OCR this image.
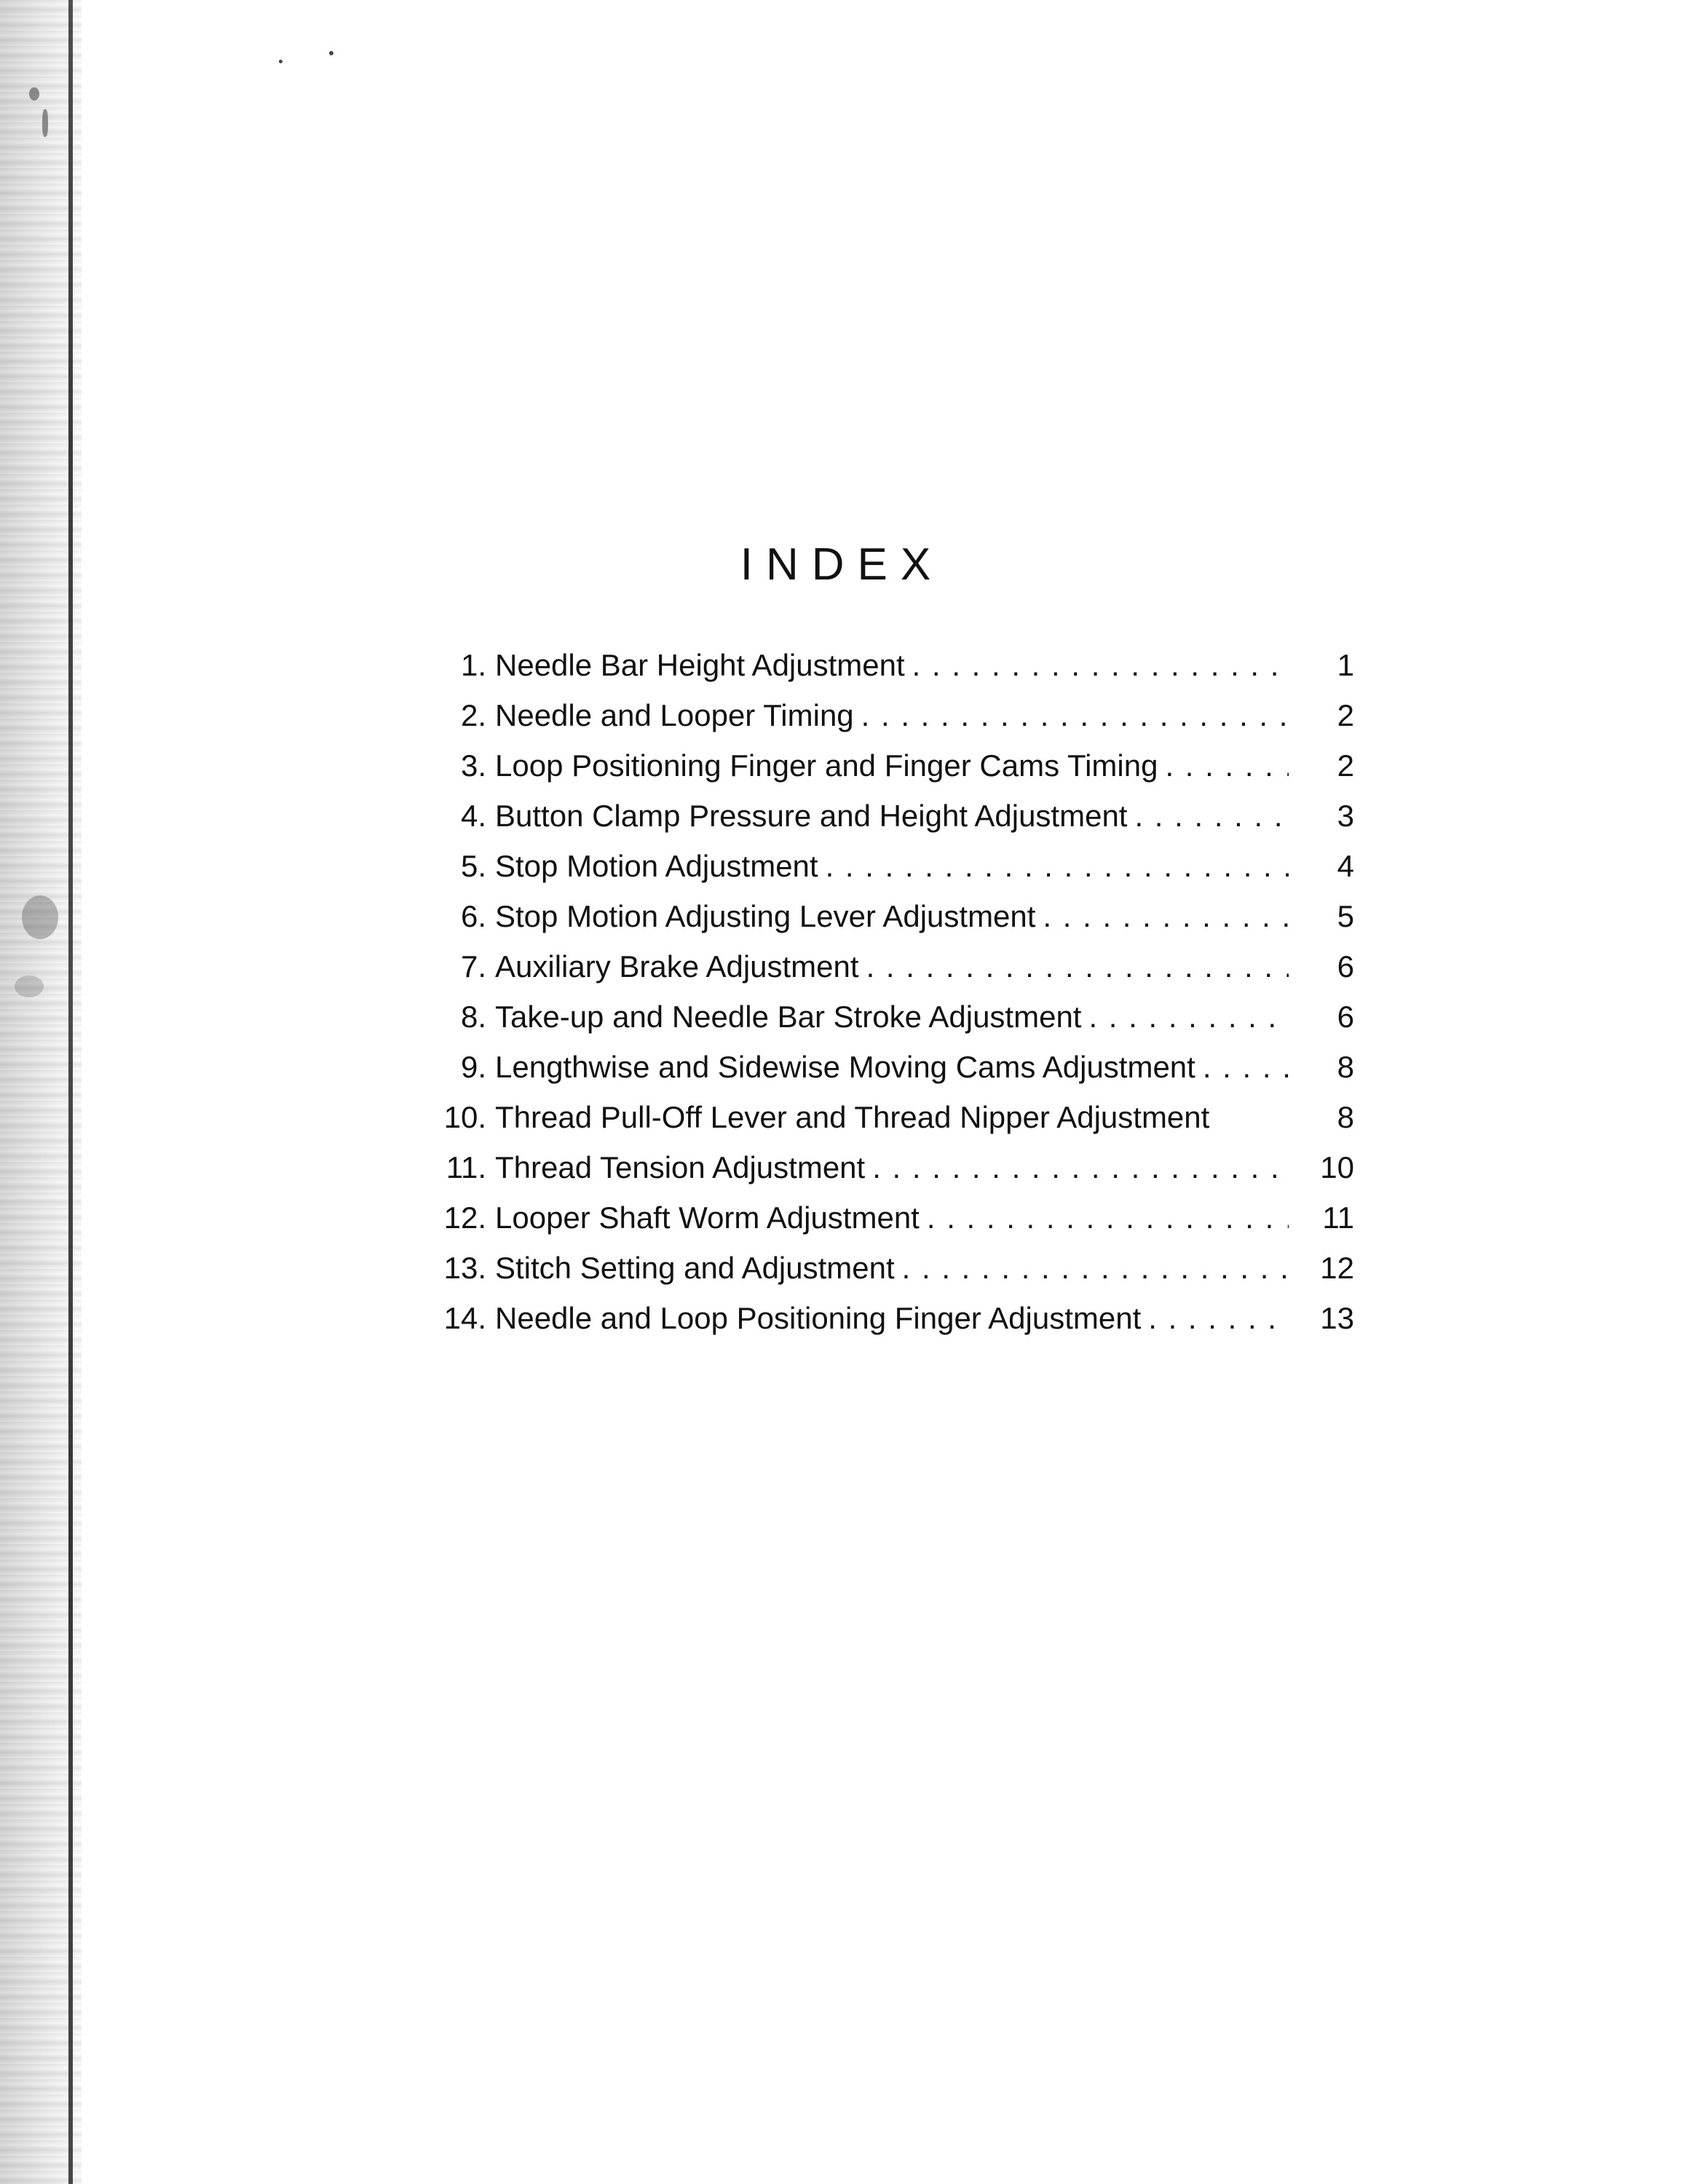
INDEX
1. Needle Bar Height Adjustment . . .	1
2. Needle and Looper Timing . . .	2
3. Loop Positioning Finger and Finger Cams Timing . . .	2
4. Button Clamp Pressure and Height Adjustment . . .	3
5. Stop Motion Adjustment . . .	4
6. Stop Motion Adjusting Lever Adjustment . . .	5
7. Auxiliary Brake Adjustment . . .	6
8. Take-up and Needle Bar Stroke Adjustment . . .	6
9. Lengthwise and Sidewise Moving Cams Adjustment . . .	8
10. Thread Pull-Off Lever and Thread Nipper Adjustment	8
11. Thread Tension Adjustment . . .	10
12. Looper Shaft Worm Adjustment . . .	11
13. Stitch Setting and Adjustment . . .	12
14. Needle and Loop Positioning Finger Adjustment . . .	13
